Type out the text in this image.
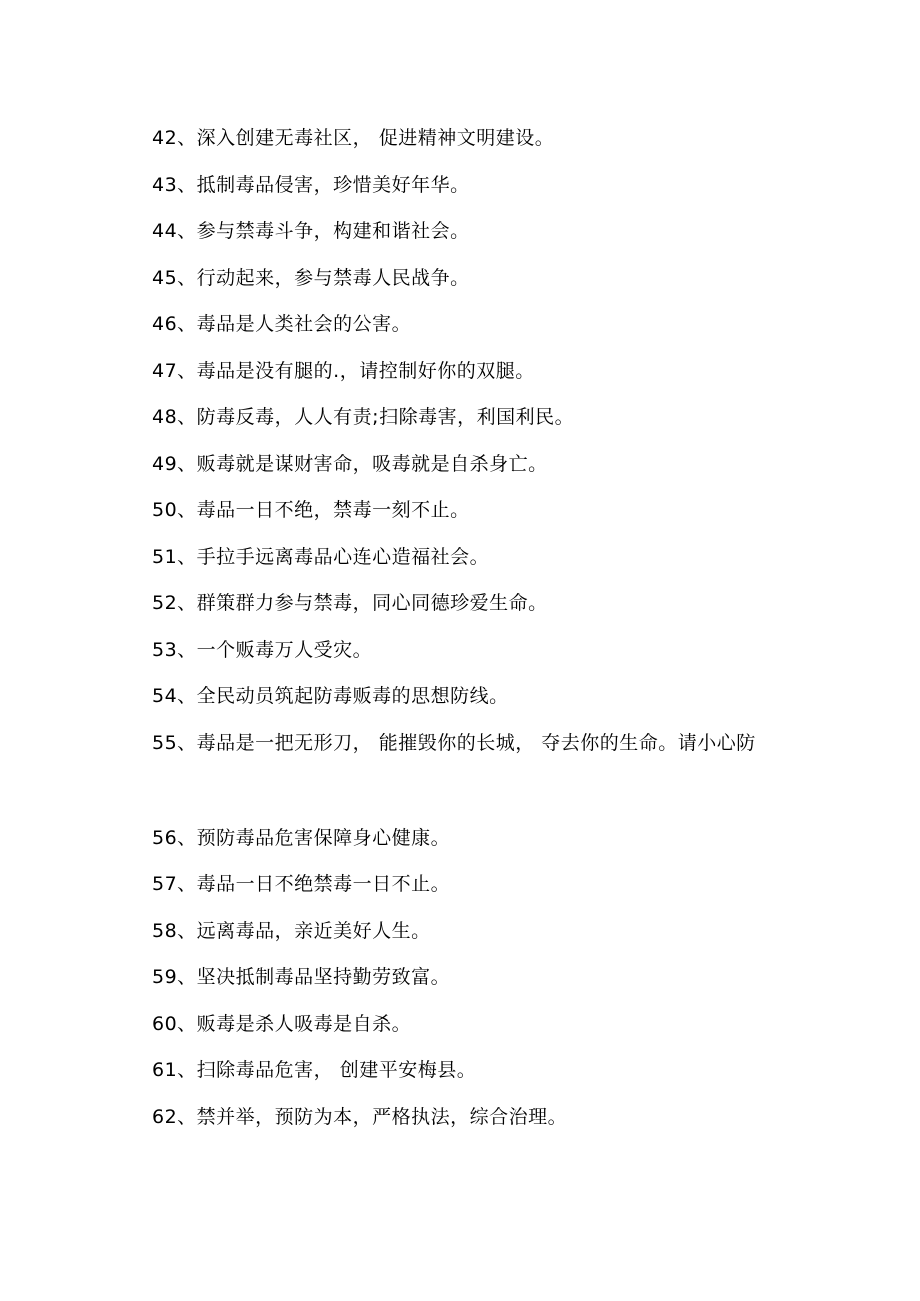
42、深入创建无毒社区， 促进精神文明建设。
43、抵制毒品侵害，珍惜美好年华。
44、参与禁毒斗争，构建和谐社会。
45、行动起来，参与禁毒人民战争。
46、毒品是人类社会的公害。
47、毒品是没有腿的.，请控制好你的双腿。
48、防毒反毒，人人有责;扫除毒害，利国利民。
49、贩毒就是谋财害命，吸毒就是自杀身亡。
50、毒品一日不绝，禁毒一刻不止。
51、手拉手远离毒品心连心造福社会。
52、群策群力参与禁毒，同心同德珍爱生命。
53、一个贩毒万人受灾。
54、全民动员筑起防毒贩毒的思想防线。
55、毒品是一把无形刀， 能摧毁你的长城， 夺去你的生命。请小心防
56、预防毒品危害保障身心健康。
57、毒品一日不绝禁毒一日不止。
58、远离毒品，亲近美好人生。
59、坚决抵制毒品坚持勤劳致富。
60、贩毒是杀人吸毒是自杀。
61、扫除毒品危害， 创建平安梅县。
62、禁并举，预防为本，严格执法，综合治理。
